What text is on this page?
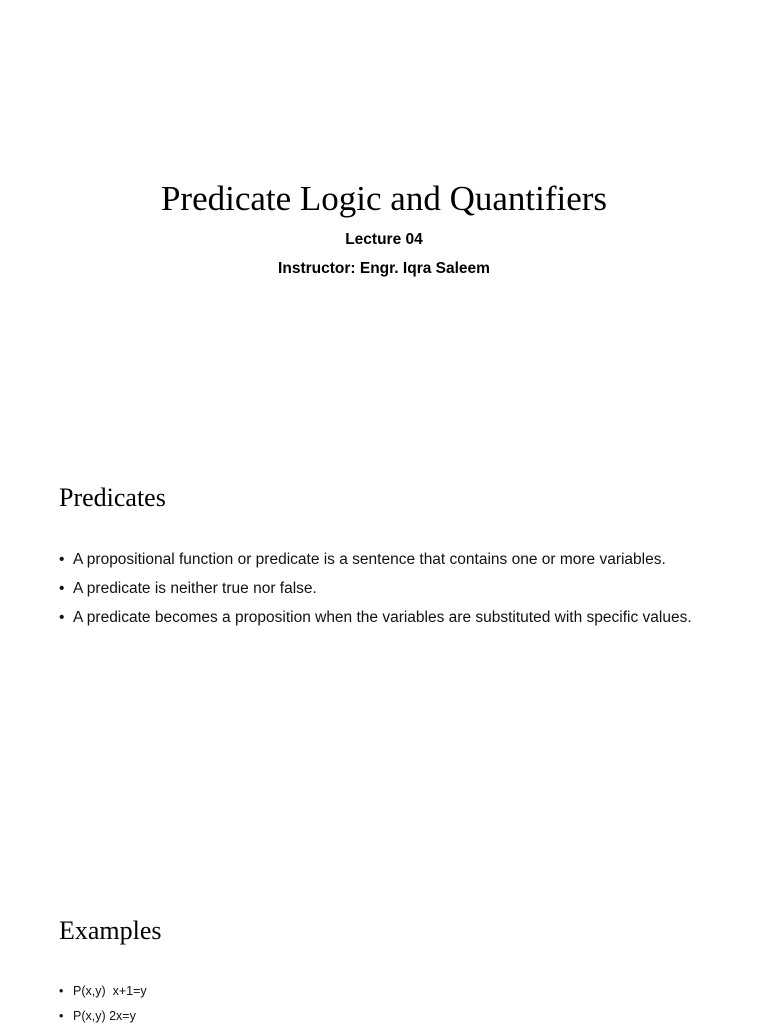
Predicate Logic and Quantifiers
Lecture 04
Instructor: Engr. Iqra Saleem
Predicates
• A propositional function or predicate is a sentence that contains one or more variables.
• A predicate is neither true nor false.
• A predicate becomes a proposition when the variables are substituted with specific values.
Examples
• P(x,y)  x+1=y
• P(x,y) 2x=y
